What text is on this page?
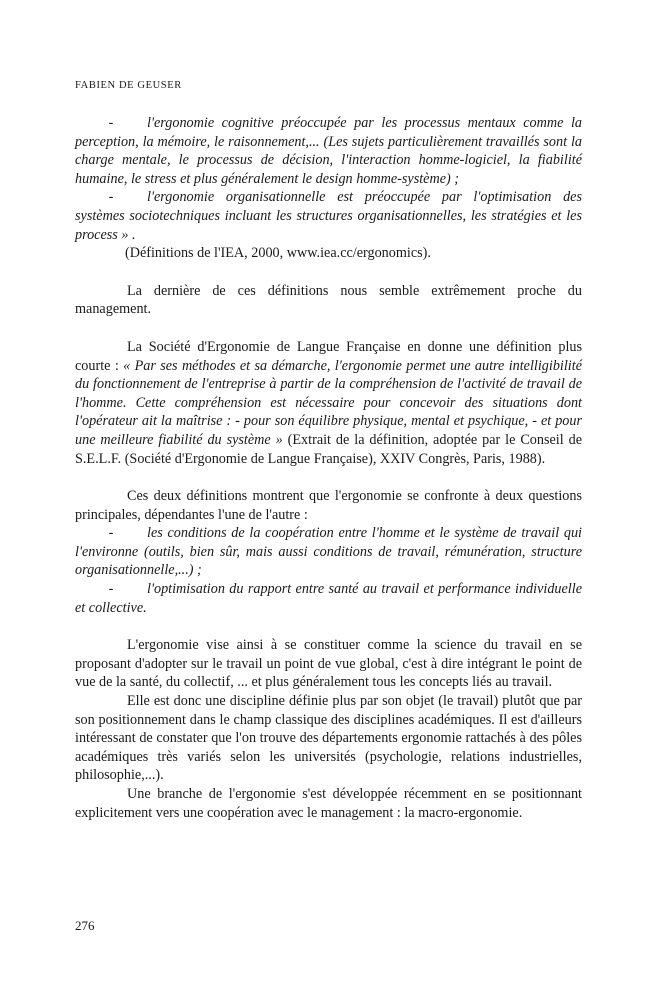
FABIEN DE GEUSER

- l'ergonomie cognitive préoccupée par les processus mentaux comme la perception, la mémoire, le raisonnement,... (Les sujets particulièrement travaillés sont la charge mentale, le processus de décision, l'interaction homme-logiciel, la fiabilité humaine, le stress et plus généralement le design homme-système) ;

- l'ergonomie organisationnelle est préoccupée par l'optimisation des systèmes sociotechniques incluant les structures organisationnelles, les stratégies et les process » .

(Définitions de l'IEA, 2000, www.iea.cc/ergonomics).

La dernière de ces définitions nous semble extrêmement proche du management.

La Société d'Ergonomie de Langue Française en donne une définition plus courte : « Par ses méthodes et sa démarche, l'ergonomie permet une autre intelligibilité du fonctionnement de l'entreprise à partir de la compréhension de l'activité de travail de l'homme. Cette compréhension est nécessaire pour concevoir des situations dont l'opérateur ait la maîtrise : - pour son équilibre physique, mental et psychique, - et pour une meilleure fiabilité du système » (Extrait de la définition, adoptée par le Conseil de S.E.L.F. (Société d'Ergonomie de Langue Française), XXIV Congrès, Paris, 1988).

Ces deux définitions montrent que l'ergonomie se confronte à deux questions principales, dépendantes l'une de l'autre :

- les conditions de la coopération entre l'homme et le système de travail qui l'environne (outils, bien sûr, mais aussi conditions de travail, rémunération, structure organisationnelle,...) ;

- l'optimisation du rapport entre santé au travail et performance individuelle et collective.

L'ergonomie vise ainsi à se constituer comme la science du travail en se proposant d'adopter sur le travail un point de vue global, c'est à dire intégrant le point de vue de la santé, du collectif, ... et plus généralement tous les concepts liés au travail.

Elle est donc une discipline définie plus par son objet (le travail) plutôt que par son positionnement dans le champ classique des disciplines académiques. Il est d'ailleurs intéressant de constater que l'on trouve des départements ergonomie rattachés à des pôles académiques très variés selon les universités (psychologie, relations industrielles, philosophie,...).

Une branche de l'ergonomie s'est développée récemment en se positionnant explicitement vers une coopération avec le management : la macro-ergonomie.

276
